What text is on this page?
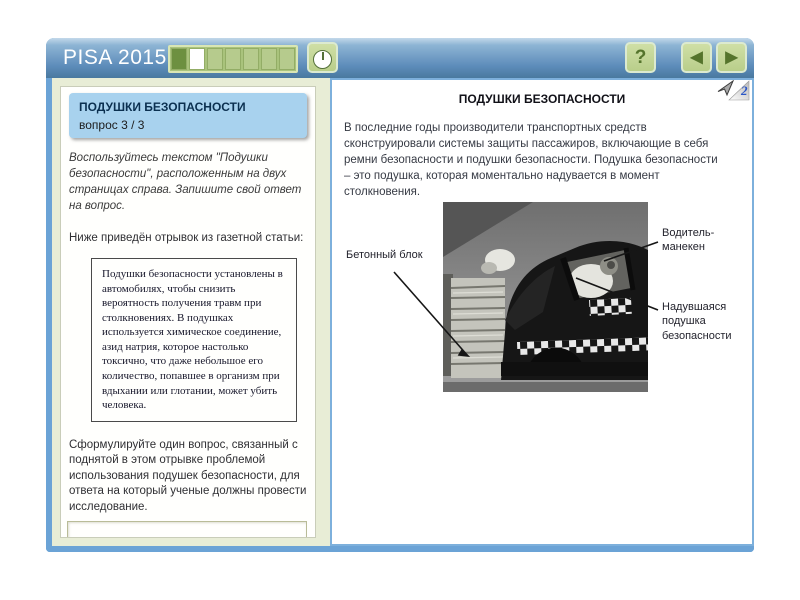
PISA 2015	?	◀	▶
ПОДУШКИ БЕЗОПАСНОСТИ
вопрос 3 / 3

Воспользуйтесь текстом "Подушки безопасности", расположенным на двух страницах справа. Запишите свой ответ на вопрос.

Ниже приведён отрывок из газетной статьи:

Подушки безопасности установлены в автомобилях, чтобы снизить вероятность получения травм при столкновениях. В подушках используется химическое соединение, азид натрия, которое настолько токсично, что даже небольшое его количество, попавшее в организм при вдыхании или глотании, может убить человека.

Сформулируйте один вопрос, связанный с поднятой в этом отрывке проблемой использования подушек безопасности, для ответа на который ученые должны провести исследование.

2
ПОДУШКИ БЕЗОПАСНОСТИ

В последние годы производители транспортных средств сконструировали системы защиты пассажиров, включающие в себя ремни безопасности и подушки безопасности. Подушка безопасности – это подушка, которая моментально надувается в момент столкновения.

Бетонный блок
Водитель-манекен
Надувшаяся подушка безопасности
